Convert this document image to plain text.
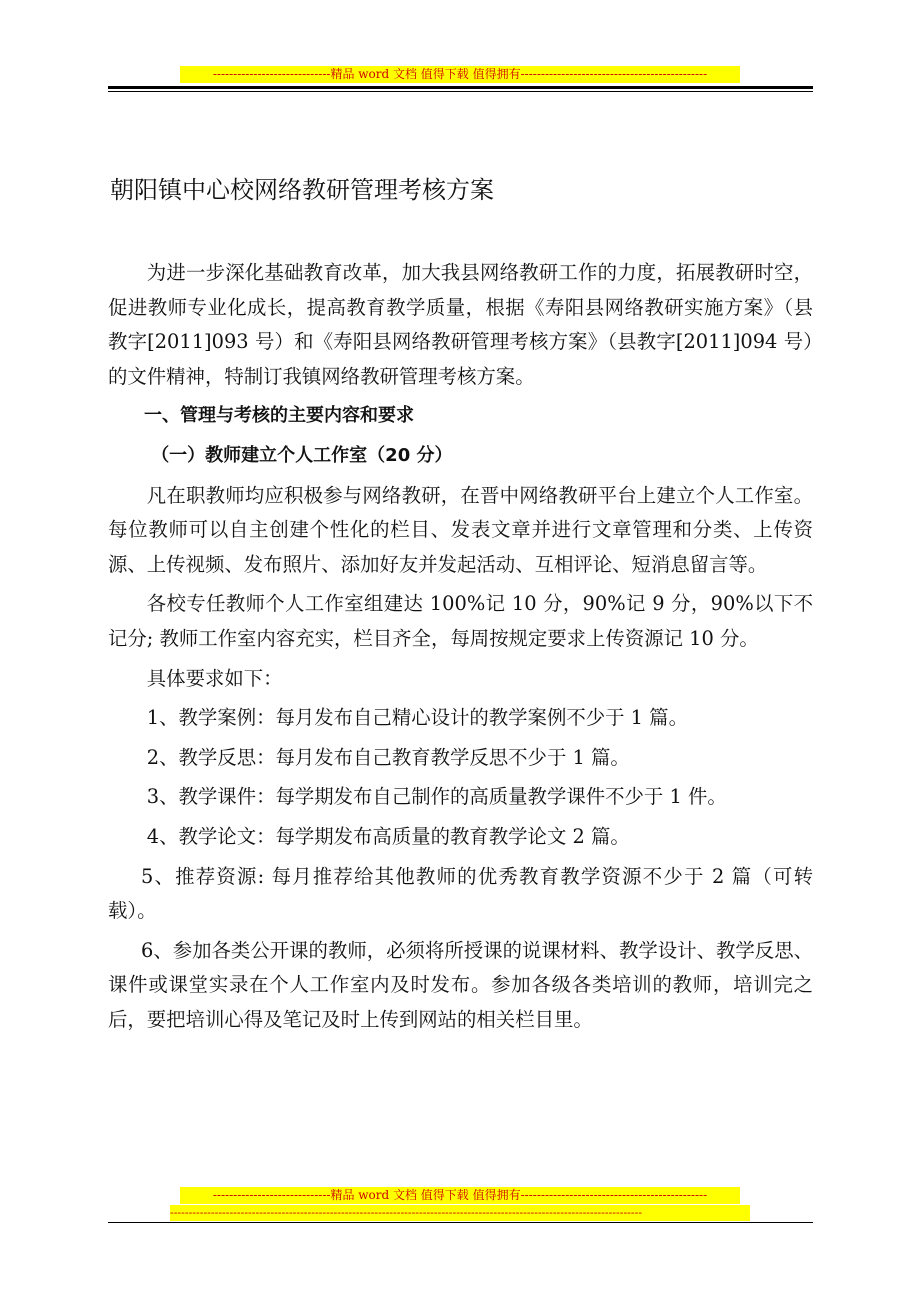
-----------------------------精品 word 文档 值得下载 值得拥有----------------------------------------------
朝阳镇中心校网络教研管理考核方案

为进一步深化基础教育改革，加大我县网络教研工作的力度，拓展教研时空，促进教师专业化成长，提高教育教学质量，根据《寿阳县网络教研实施方案》（县教字[2011]093 号）和《寿阳县网络教研管理考核方案》（县教字[2011]094 号）的文件精神，特制订我镇网络教研管理考核方案。

一、管理与考核的主要内容和要求

（一）教师建立个人工作室（20 分）

凡在职教师均应积极参与网络教研，在晋中网络教研平台上建立个人工作室。每位教师可以自主创建个性化的栏目、发表文章并进行文章管理和分类、上传资源、上传视频、发布照片、添加好友并发起活动、互相评论、短消息留言等。

各校专任教师个人工作室组建达 100%记 10 分，90%记 9 分，90%以下不记分; 教师工作室内容充实，栏目齐全，每周按规定要求上传资源记 10 分。

具体要求如下：

1、教学案例：每月发布自己精心设计的教学案例不少于 1 篇。

2、教学反思：每月发布自己教育教学反思不少于 1 篇。

3、教学课件：每学期发布自己制作的高质量教学课件不少于 1 件。

4、教学论文：每学期发布高质量的教育教学论文 2 篇。

5、推荐资源: 每月推荐给其他教师的优秀教育教学资源不少于 2 篇（可转载）。

6、参加各类公开课的教师，必须将所授课的说课材料、教学设计、教学反思、课件或课堂实录在个人工作室内及时发布。参加各级各类培训的教师，培训完之后，要把培训心得及笔记及时上传到网站的相关栏目里。

-----------------------------精品 word 文档 值得下载 值得拥有----------------------------------------------
-------------------------------------------------------------------------------------------------------------------------------
